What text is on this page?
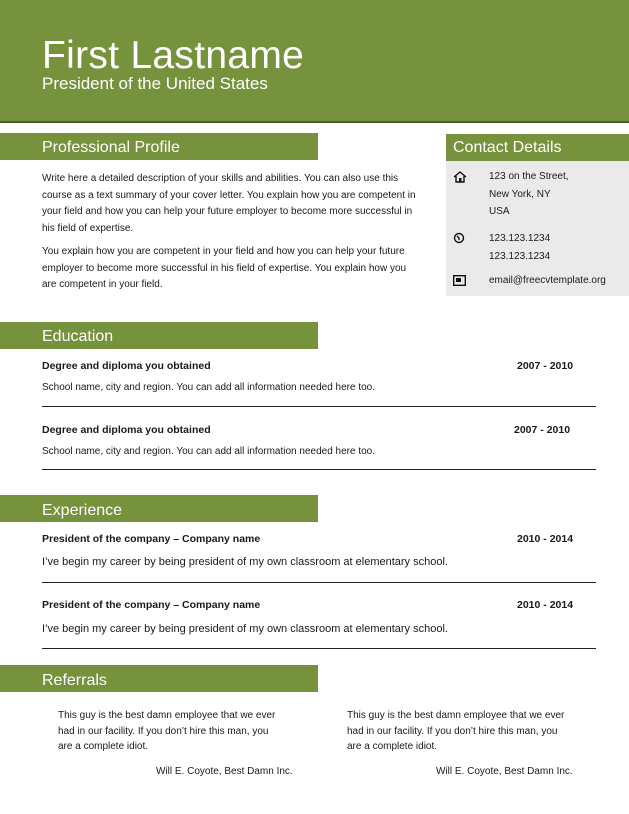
First Lastname
President of the United States
Professional Profile
Write here a detailed description of your skills and abilities. You can also use this
course as a text summary of your cover letter. You explain how you are competent in
your field and how you can help your future employer to become more successful in
his field of expertise.
You explain how you are competent in your field and how you can help your future
employer to become more successful in his field of expertise. You explain how you
are competent in your field.
Contact Details
123 on the Street,
New York, NY
USA
123.123.1234
123.123.1234
email@freecvtemplate.org
Education
Degree and diploma you obtained	2007 - 2010
School name, city and region. You can add all information needed here too.
Degree and diploma you obtained	2007 - 2010
School name, city and region. You can add all information needed here too.
Experience
President of the company – Company name	2010 - 2014
I’ve begin my career by being president of my own classroom at elementary school.
President of the company – Company name	2010 - 2014
I’ve begin my career by being president of my own classroom at elementary school.
Referrals
This guy is the best damn employee that we ever
had in our facility. If you don’t hire this man, you
are a complete idiot.
Will E. Coyote, Best Damn Inc.
This guy is the best damn employee that we ever
had in our facility. If you don’t hire this man, you
are a complete idiot.
Will E. Coyote, Best Damn Inc.
